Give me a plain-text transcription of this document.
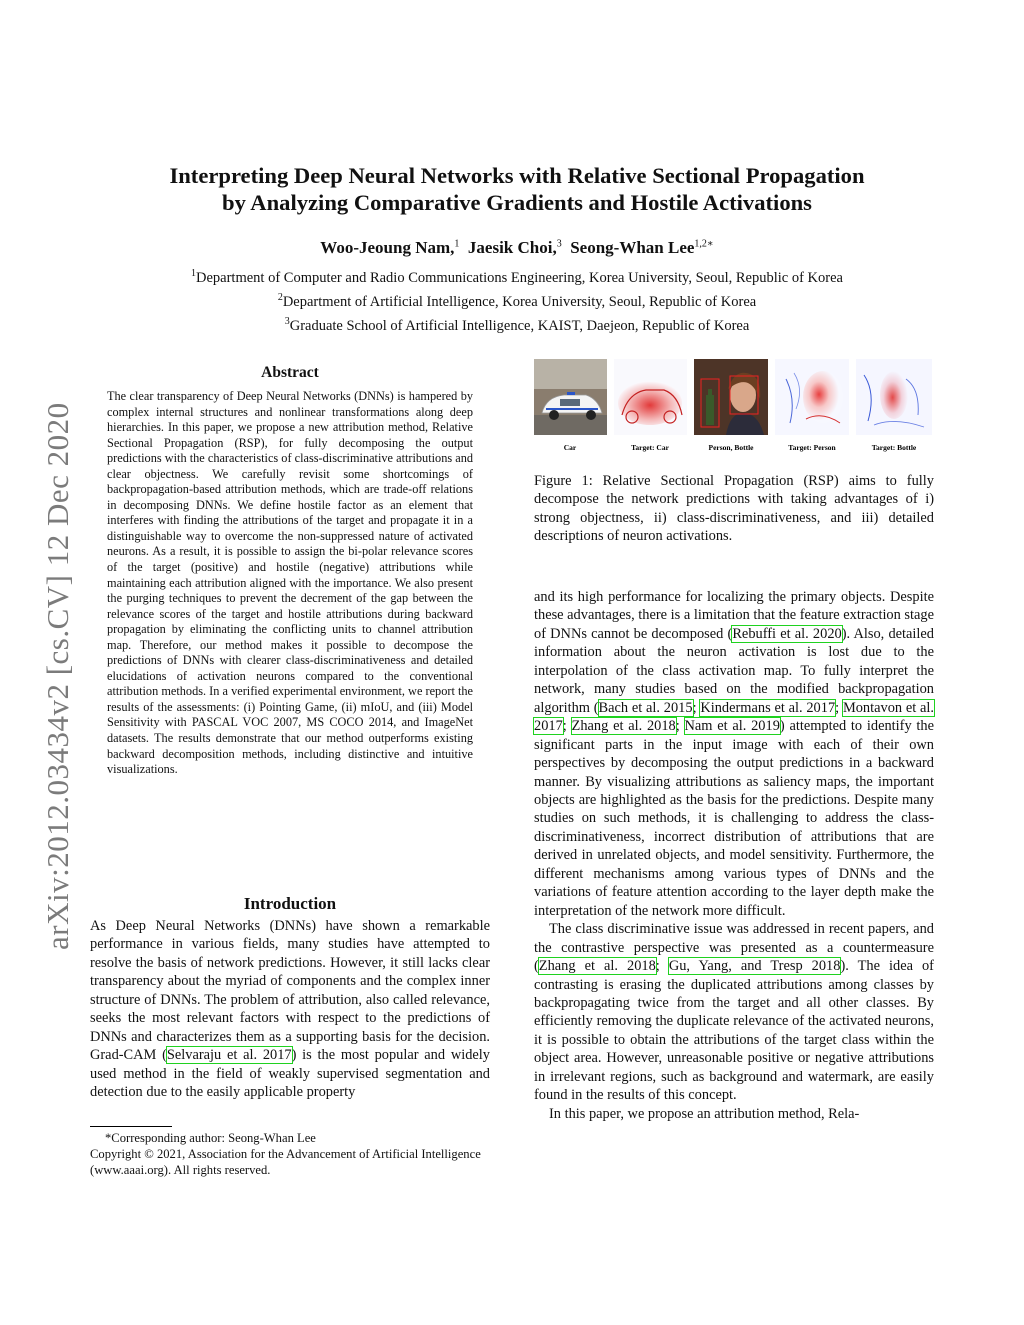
arXiv:2012.03434v2 [cs.CV] 12 Dec 2020
Interpreting Deep Neural Networks with Relative Sectional Propagation
by Analyzing Comparative Gradients and Hostile Activations
Woo-Jeoung Nam,$^1$ Jaesik Choi,$^3$ Seong-Whan Lee$^{1,2∗}$
$^1$Department of Computer and Radio Communications Engineering, Korea University, Seoul, Republic of Korea
$^2$Department of Artificial Intelligence, Korea University, Seoul, Republic of Korea
$^3$Graduate School of Artificial Intelligence, KAIST, Daejeon, Republic of Korea
Abstract
The clear transparency of Deep Neural Networks (DNNs) is hampered by complex internal structures and nonlinear transformations along deep hierarchies. In this paper, we propose a new attribution method, Relative Sectional Propagation (RSP), for fully decomposing the output predictions with the characteristics of class-discriminative attributions and clear objectness. We carefully revisit some shortcomings of backpropagation-based attribution methods, which are trade-off relations in decomposing DNNs. We define hostile factor as an element that interferes with finding the attributions of the target and propagate it in a distinguishable way to overcome the non-suppressed nature of activated neurons. As a result, it is possible to assign the bi-polar relevance scores of the target (positive) and hostile (negative) attributions while maintaining each attribution aligned with the importance. We also present the purging techniques to prevent the decrement of the gap between the relevance scores of the target and hostile attributions during backward propagation by eliminating the conflicting units to channel attribution map. Therefore, our method makes it possible to decompose the predictions of DNNs with clearer class-discriminativeness and detailed elucidations of activation neurons compared to the conventional attribution methods. In a verified experimental environment, we report the results of the assessments: (i) Pointing Game, (ii) mIoU, and (iii) Model Sensitivity with PASCAL VOC 2007, MS COCO 2014, and ImageNet datasets. The results demonstrate that our method outperforms existing backward decomposition methods, including distinctive and intuitive visualizations.
Introduction

As Deep Neural Networks (DNNs) have shown a remarkable performance in various fields, many studies have attempted to resolve the basis of network predictions. However, it still lacks clear transparency about the myriad of components and the complex inner structure of DNNs. The problem of attribution, also called relevance, seeks the most relevant factors with respect to the predictions of DNNs and characterizes them as a supporting basis for the decision. Grad-CAM (Selvaraju et al. 2017) is the most popular and widely used method in the field of weakly supervised segmentation and detection due to the easily applicable property

*Corresponding author: Seong-Whan Lee
Copyright © 2021, Association for the Advancement of Artificial Intelligence (www.aaai.org). All rights reserved.
Car	Target: Car	Person, Bottle	Target: Person	Target: Bottle
Figure 1: Relative Sectional Propagation (RSP) aims to fully decompose the network predictions with taking advantages of i) strong objectness, ii) class-discriminativeness, and iii) detailed descriptions of neuron activations.

and its high performance for localizing the primary objects. Despite these advantages, there is a limitation that the feature extraction stage of DNNs cannot be decomposed (Rebuffi et al. 2020). Also, detailed information about the neuron activation is lost due to the interpolation of the class activation map. To fully interpret the network, many studies based on the modified backpropagation algorithm (Bach et al. 2015; Kindermans et al. 2017; Montavon et al. 2017; Zhang et al. 2018; Nam et al. 2019) attempted to identify the significant parts in the input image with each of their own perspectives by decomposing the output predictions in a backward manner. By visualizing attributions as saliency maps, the important objects are highlighted as the basis for the predictions. Despite many studies on such methods, it is challenging to address the class-discriminativeness, incorrect distribution of attributions that are derived in unrelated objects, and model sensitivity. Furthermore, the different mechanisms among various types of DNNs and the variations of feature attention according to the layer depth make the interpretation of the network more difficult.

The class discriminative issue was addressed in recent papers, and the contrastive perspective was presented as a countermeasure (Zhang et al. 2018; Gu, Yang, and Tresp 2018). The idea of contrasting is erasing the duplicated attributions among classes by backpropagating twice from the target and all other classes. By efficiently removing the duplicate relevance of the activated neurons, it is possible to obtain the attributions of the target class within the object area. However, unreasonable positive or negative attributions in irrelevant regions, such as background and watermark, are easily found in the results of this concept.

In this paper, we propose an attribution method, Rela-
